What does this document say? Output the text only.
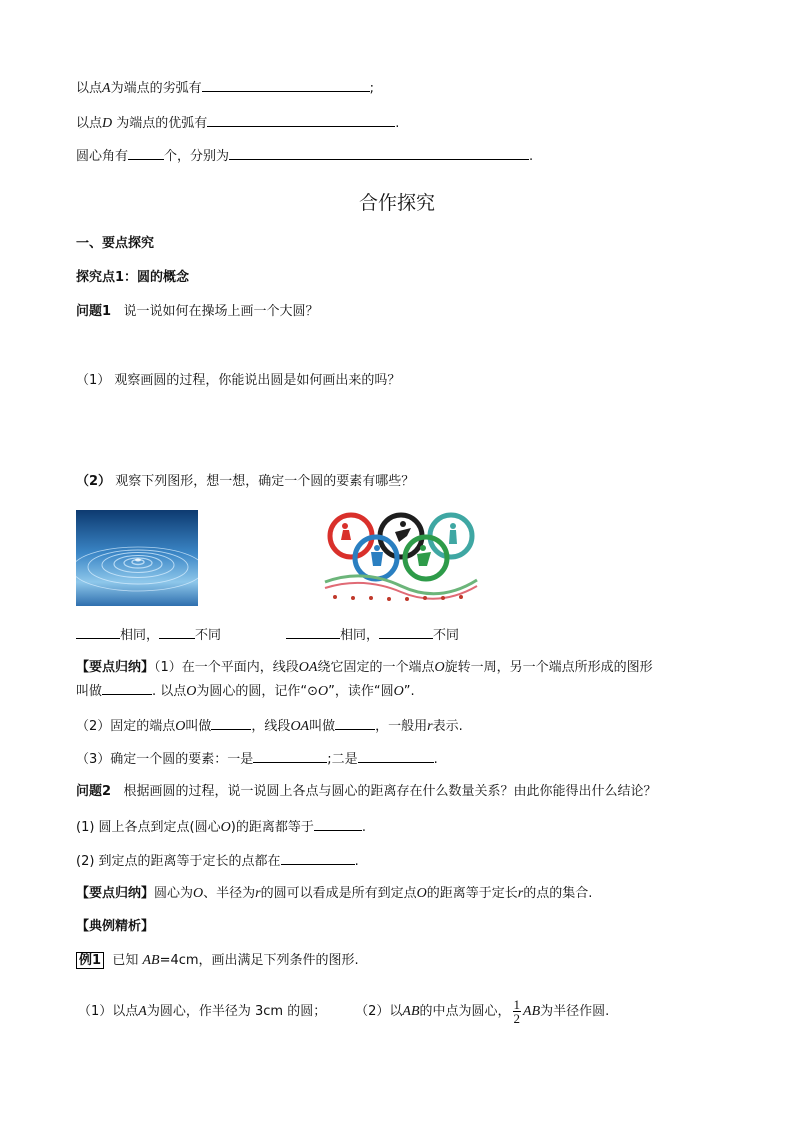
以点A为端点的劣弧有	;
以点D 为端点的优弧有	.
圆心角有	个，分别为	.
合作探究
一、要点探究
探究点1：圆的概念
问题1 说一说如何在操场上画一个大圆？
（1） 观察画圆的过程，你能说出圆是如何画出来的吗？
（2） 观察下列图形，想一想，确定一个圆的要素有哪些？
相同，	不同	相同，	不同
【要点归纳】（1）在一个平面内，线段OA绕它固定的一个端点O旋转一周，另一个端点所形成的图形
叫做	. 以点O为圆心的圆，记作“⊙O”，读作“圆O”.
（2）固定的端点O叫做	，线段OA叫做	，一般用r表示.
（3）确定一个圆的要素：一是	;二是	.
问题2 根据画圆的过程，说一说圆上各点与圆心的距离存在什么数量关系？由此你能得出什么结论？
(1) 圆上各点到定点(圆心O)的距离都等于	.
(2) 到定点的距离等于定长的点都在	.
【要点归纳】圆心为O、半径为r的圆可以看成是所有到定点O的距离等于定长r的点的集合.
【典例精析】
例1 已知 AB=4cm，画出满足下列条件的图形.
（1）以点A为圆心，作半径为 3cm 的圆； （2）以AB的中点为圆心， $\frac{1}{2}$ AB为半径作圆.
